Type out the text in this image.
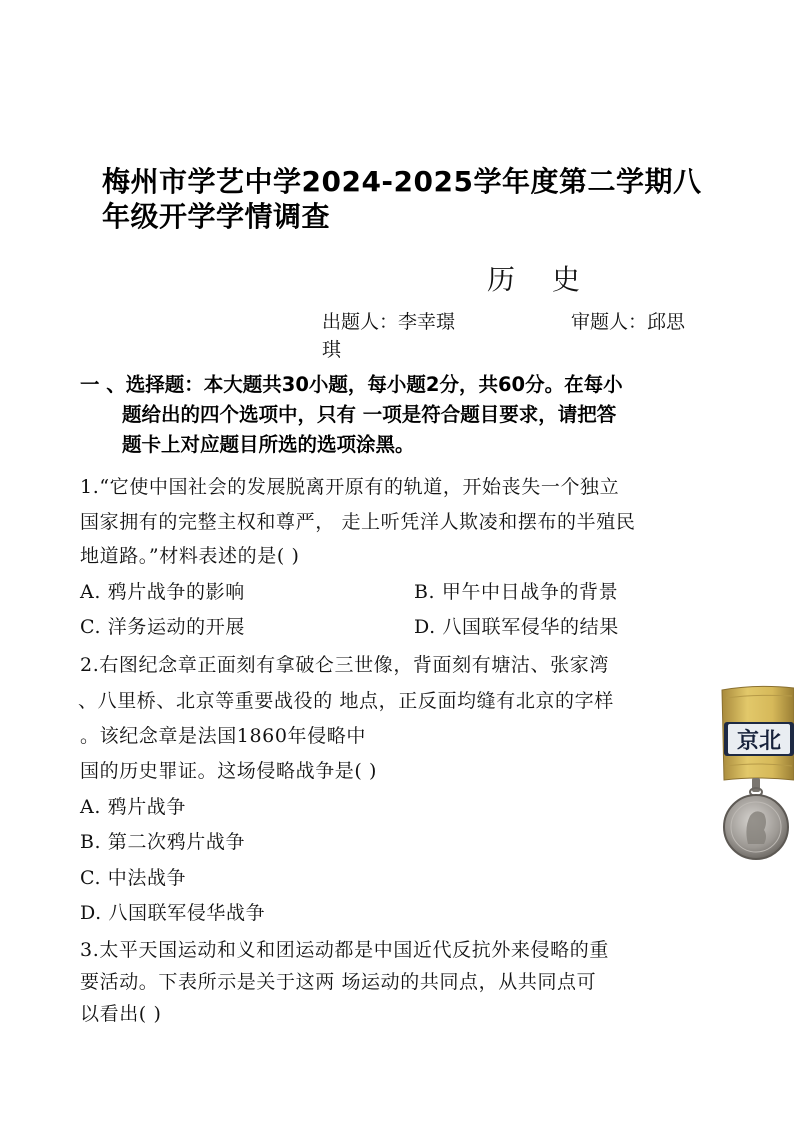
梅州市学艺中学2024-2025学年度第二学期八
年级开学学情调查
历 史
出题人：李幸璟	审题人：邱思
琪
一 、选择题：本大题共30小题，每小题2分，共60分。在每小
题给出的四个选项中，只有 一项是符合题目要求，请把答
题卡上对应题目所选的选项涂黑。
1.“它使中国社会的发展脱离开原有的轨道，开始丧失一个独立
国家拥有的完整主权和尊严， 走上听凭洋人欺凌和摆布的半殖民
地道路。”材料表述的是( )
A. 鸦片战争的影响	B. 甲午中日战争的背景
C. 洋务运动的开展	D. 八国联军侵华的结果
2.右图纪念章正面刻有拿破仑三世像，背面刻有塘沽、张家湾
、八里桥、北京等重要战役的 地点，正反面均缝有北京的字样
。该纪念章是法国1860年侵略中
国的历史罪证。这场侵略战争是( )
A. 鸦片战争
B. 第二次鸦片战争
C. 中法战争
D. 八国联军侵华战争
京北
3.太平天国运动和义和团运动都是中国近代反抗外来侵略的重
要活动。下表所示是关于这两 场运动的共同点，从共同点可
以看出( )
